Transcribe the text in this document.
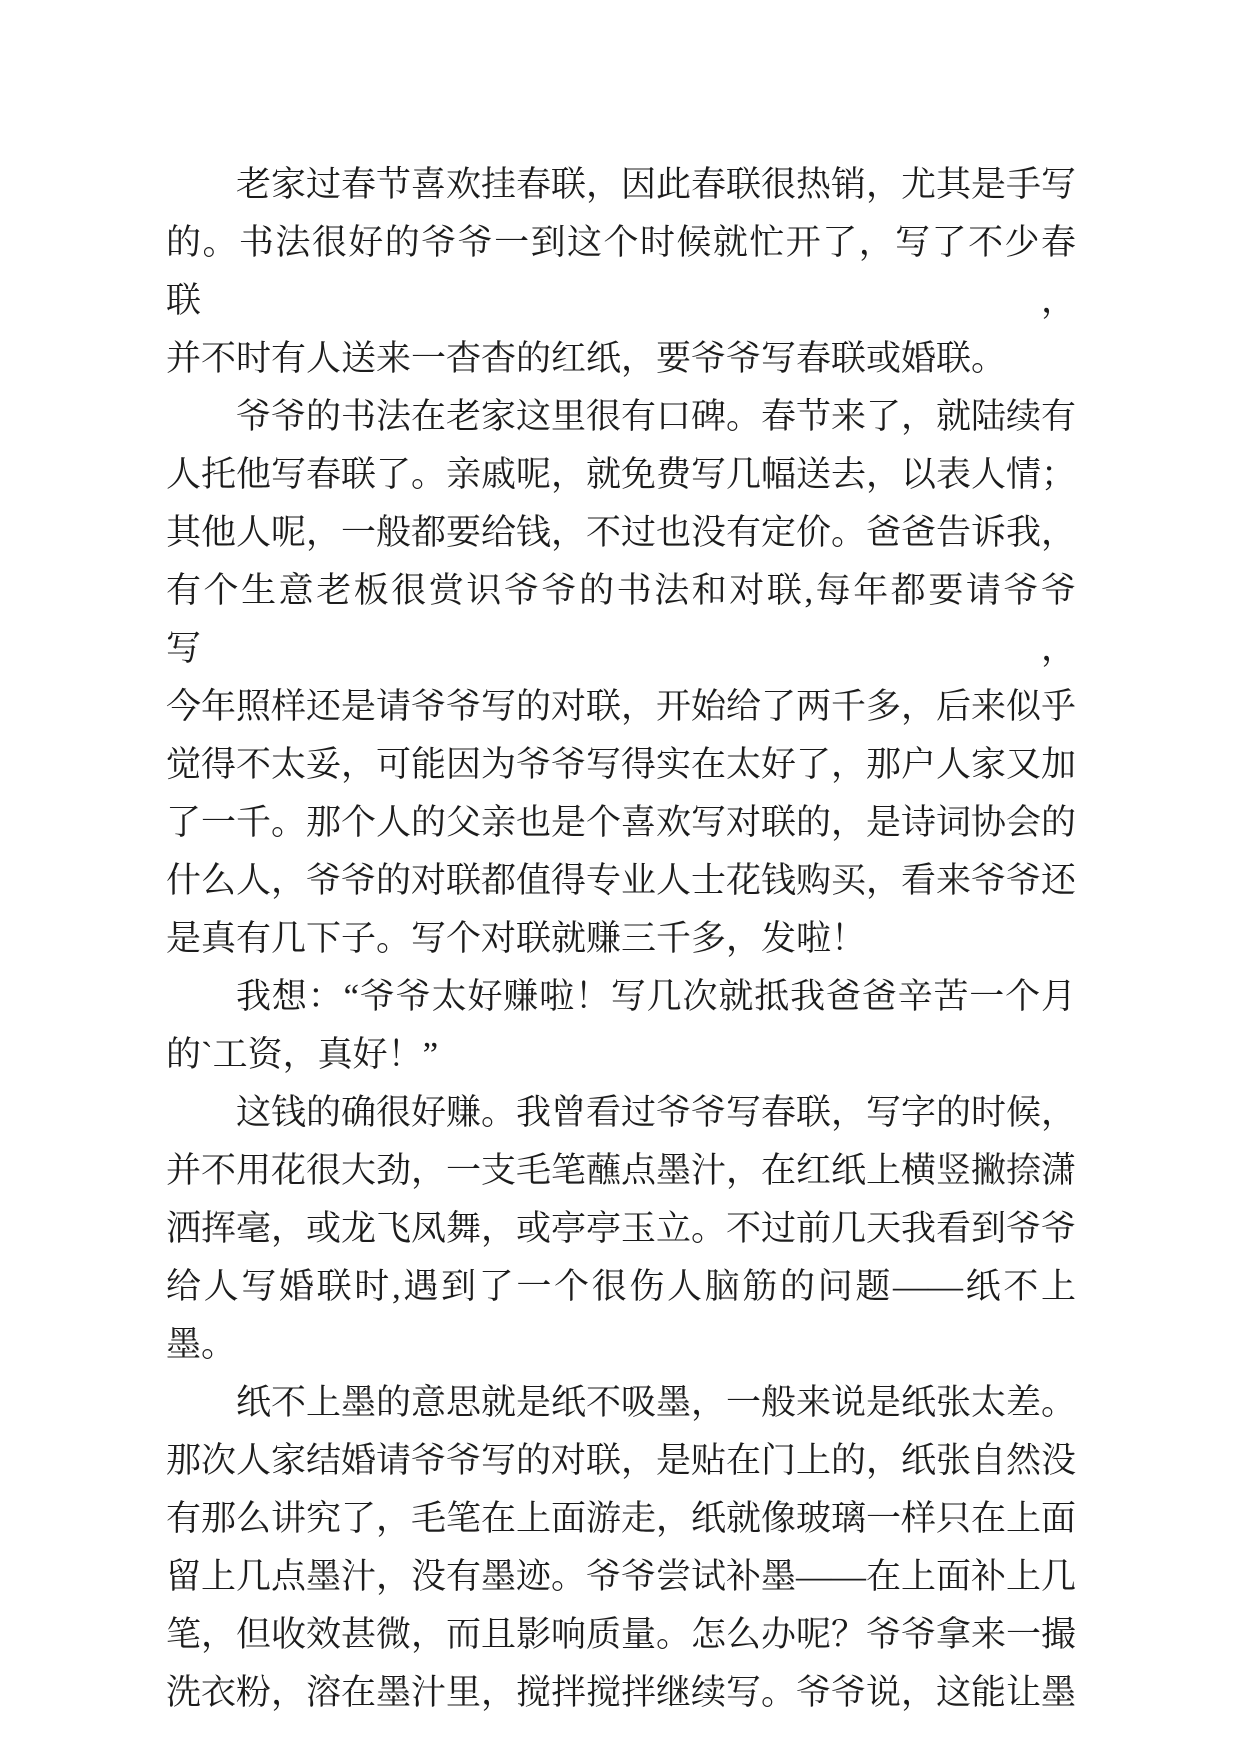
老家过春节喜欢挂春联，因此春联很热销，尤其是手写
的。书法很好的爷爷一到这个时候就忙开了，写了不少春联，
并不时有人送来一杳杳的红纸，要爷爷写春联或婚联。
爷爷的书法在老家这里很有口碑。春节来了，就陆续有
人托他写春联了。亲戚呢，就免费写几幅送去，以表人情；
其他人呢，一般都要给钱，不过也没有定价。爸爸告诉我，
有个生意老板很赏识爷爷的书法和对联,每年都要请爷爷写，
今年照样还是请爷爷写的对联，开始给了两千多，后来似乎
觉得不太妥，可能因为爷爷写得实在太好了，那户人家又加
了一千。那个人的父亲也是个喜欢写对联的，是诗词协会的
什么人，爷爷的对联都值得专业人士花钱购买，看来爷爷还
是真有几下子。写个对联就赚三千多，发啦！
我想：“爷爷太好赚啦！写几次就抵我爸爸辛苦一个月
的`工资，真好！”
这钱的确很好赚。我曾看过爷爷写春联，写字的时候，
并不用花很大劲，一支毛笔蘸点墨汁，在红纸上横竖撇捺潇
洒挥毫，或龙飞凤舞，或亭亭玉立。不过前几天我看到爷爷
给人写婚联时,遇到了一个很伤人脑筋的问题——纸不上墨。
纸不上墨的意思就是纸不吸墨，一般来说是纸张太差。
那次人家结婚请爷爷写的对联，是贴在门上的，纸张自然没
有那么讲究了，毛笔在上面游走，纸就像玻璃一样只在上面
留上几点墨汁，没有墨迹。爷爷尝试补墨——在上面补上几
笔，但收效甚微，而且影响质量。怎么办呢？爷爷拿来一撮
洗衣粉，溶在墨汁里，搅拌搅拌继续写。爷爷说，这能让墨
